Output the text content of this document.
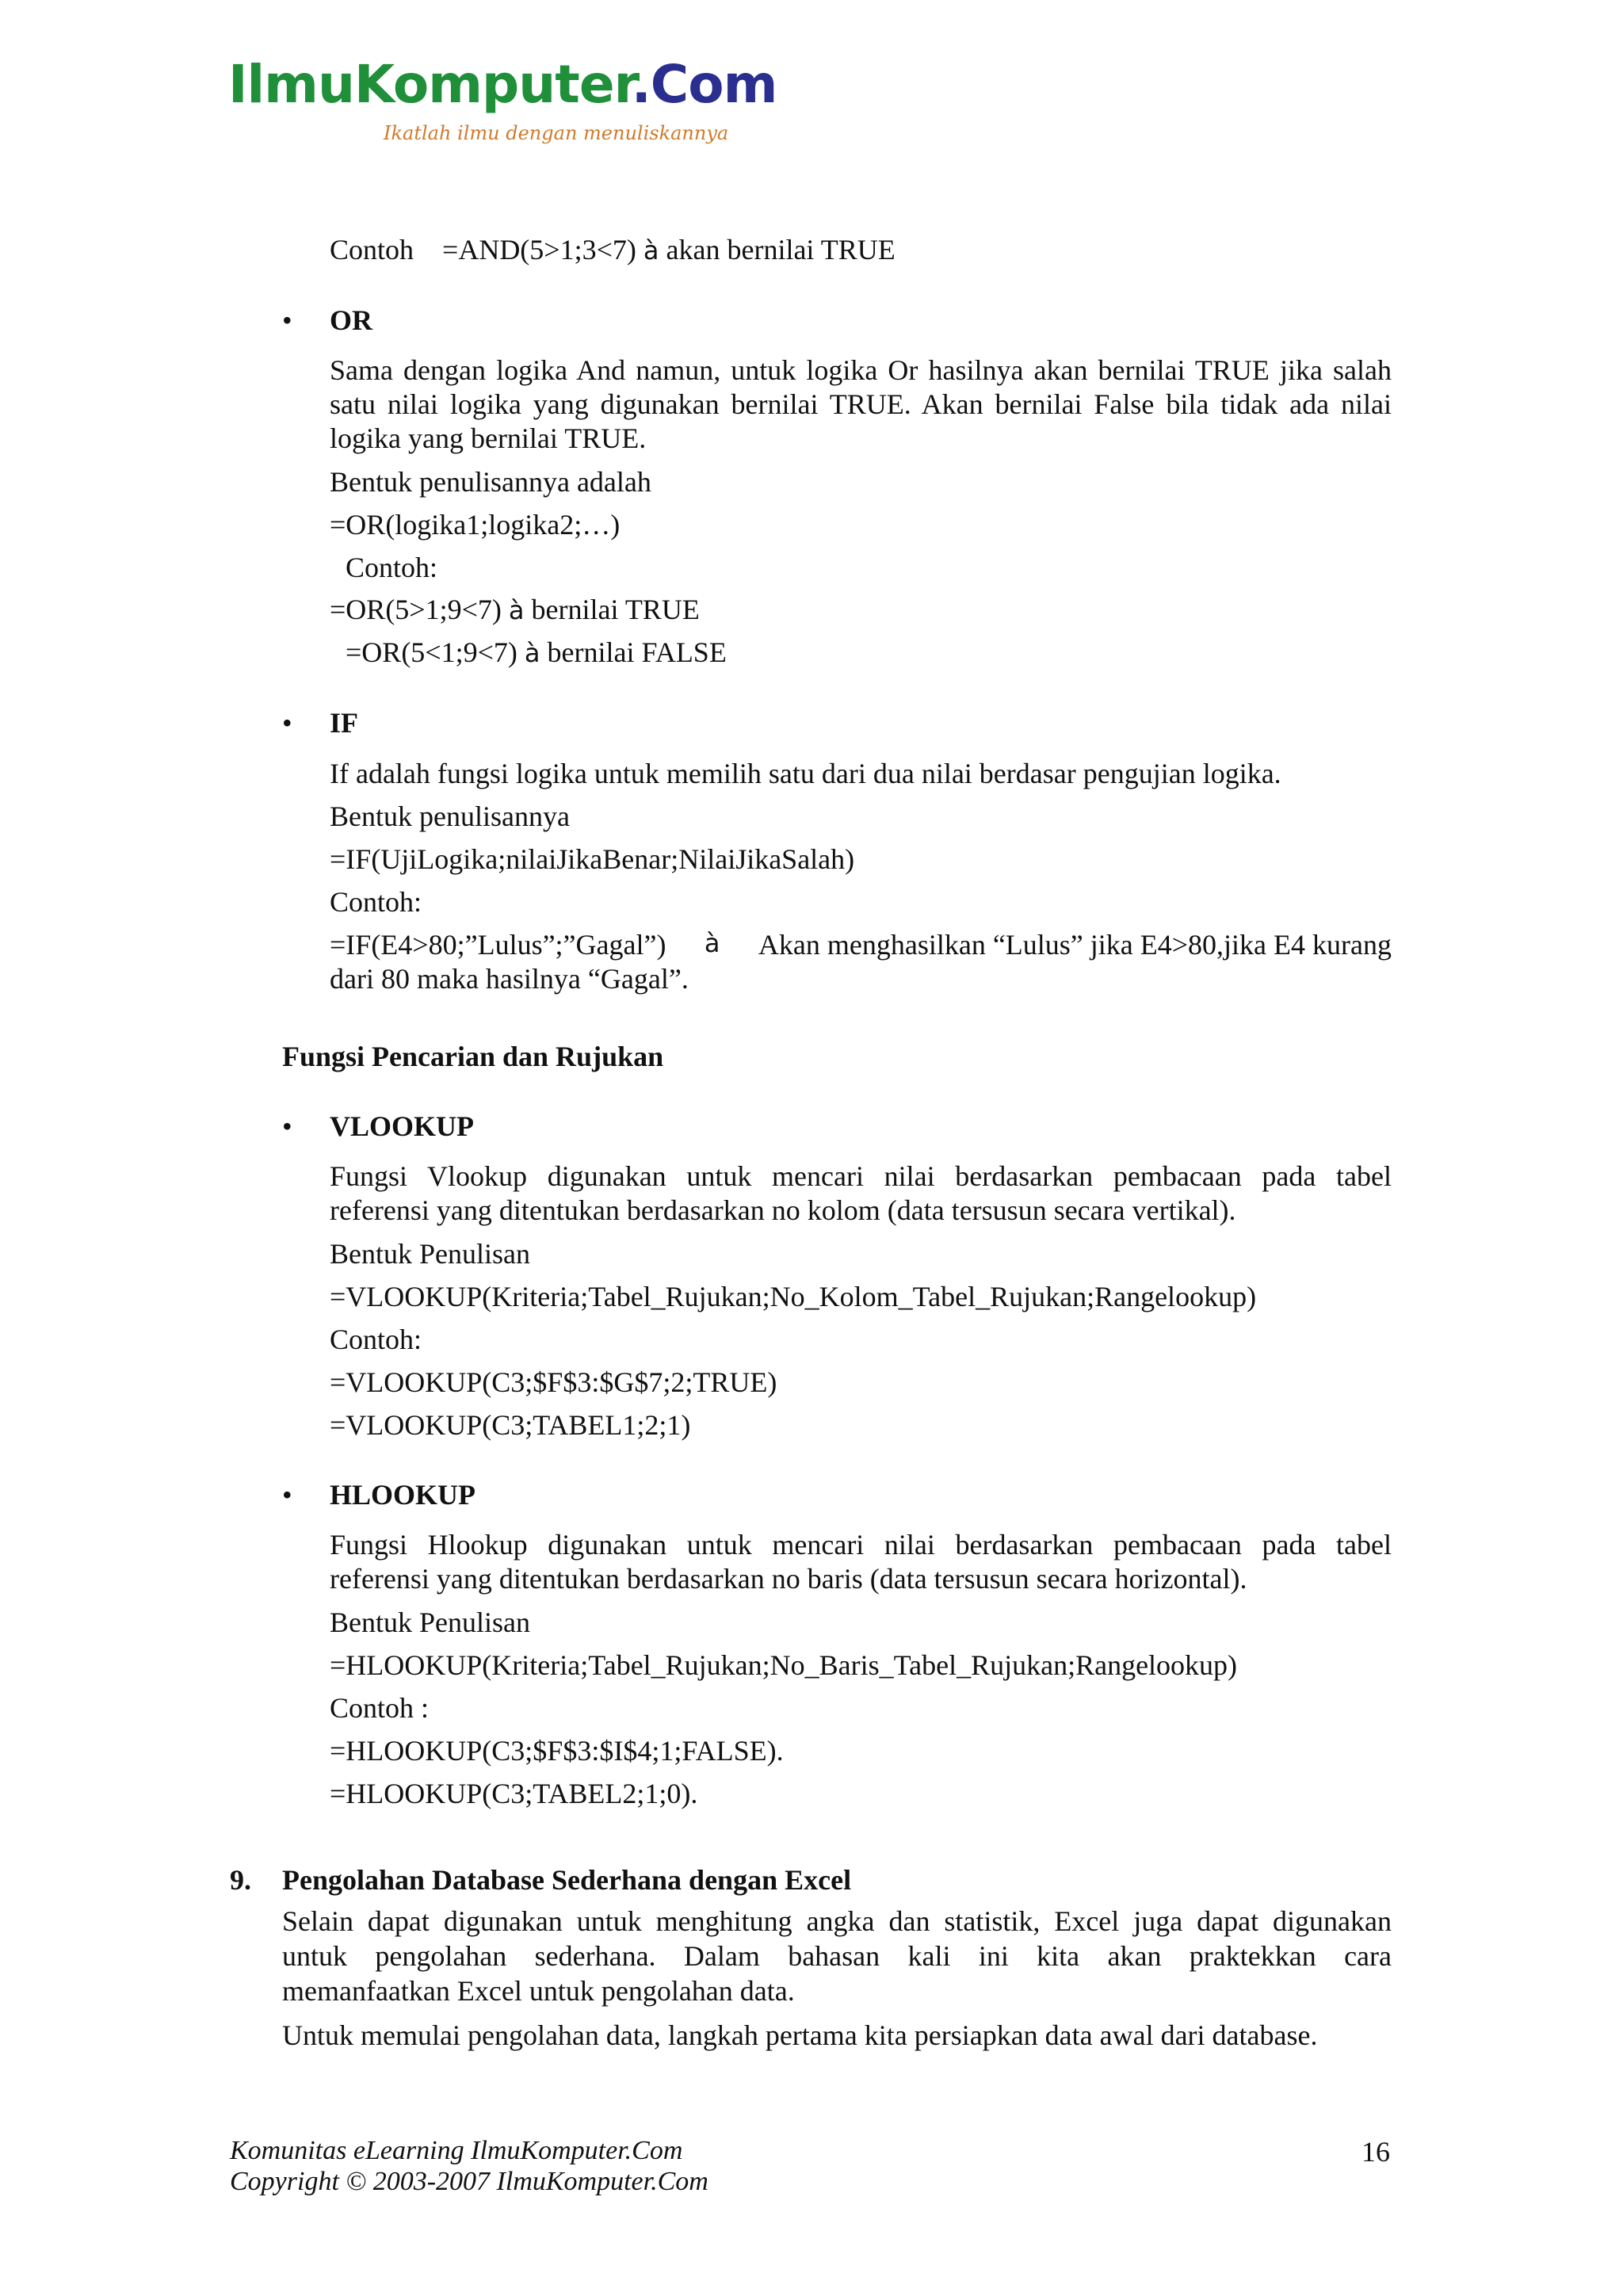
IlmuKomputer.Com
Ikatlah ilmu dengan menuliskannya
Contoh    =AND(5>1;3<7) à akan bernilai TRUE
• OR
Sama dengan logika And namun, untuk logika Or hasilnya akan bernilai TRUE jika salah
satu nilai logika yang digunakan bernilai TRUE. Akan bernilai False bila tidak ada nilai
logika yang bernilai TRUE.
Bentuk penulisannya adalah
=OR(logika1;logika2;…)
Contoh:
=OR(5>1;9<7) à bernilai TRUE
=OR(5<1;9<7) à bernilai FALSE
• IF
If adalah fungsi logika untuk memilih satu dari dua nilai berdasar pengujian logika.
Bentuk penulisannya
=IF(UjiLogika;nilaiJikaBenar;NilaiJikaSalah)
Contoh:
=IF(E4>80;”Lulus”;”Gagal”) à Akan menghasilkan “Lulus” jika E4>80,jika E4 kurang
dari 80 maka hasilnya “Gagal”.
Fungsi Pencarian dan Rujukan
• VLOOKUP
Fungsi Vlookup digunakan untuk mencari nilai berdasarkan pembacaan pada tabel
referensi yang ditentukan berdasarkan no kolom (data tersusun secara vertikal).
Bentuk Penulisan
=VLOOKUP(Kriteria;Tabel_Rujukan;No_Kolom_Tabel_Rujukan;Rangelookup)
Contoh:
=VLOOKUP(C3;$F$3:$G$7;2;TRUE)
=VLOOKUP(C3;TABEL1;2;1)
• HLOOKUP
Fungsi Hlookup digunakan untuk mencari nilai berdasarkan pembacaan pada tabel
referensi yang ditentukan berdasarkan no baris (data tersusun secara horizontal).
Bentuk Penulisan
=HLOOKUP(Kriteria;Tabel_Rujukan;No_Baris_Tabel_Rujukan;Rangelookup)
Contoh :
=HLOOKUP(C3;$F$3:$I$4;1;FALSE).
=HLOOKUP(C3;TABEL2;1;0).
9. Pengolahan Database Sederhana dengan Excel
Selain dapat digunakan untuk menghitung angka dan statistik, Excel juga dapat digunakan
untuk pengolahan sederhana. Dalam bahasan kali ini kita akan praktekkan cara
memanfaatkan Excel untuk pengolahan data.
Untuk memulai pengolahan data, langkah pertama kita persiapkan data awal dari database.
Komunitas eLearning IlmuKomputer.Com
Copyright © 2003-2007 IlmuKomputer.Com
16
